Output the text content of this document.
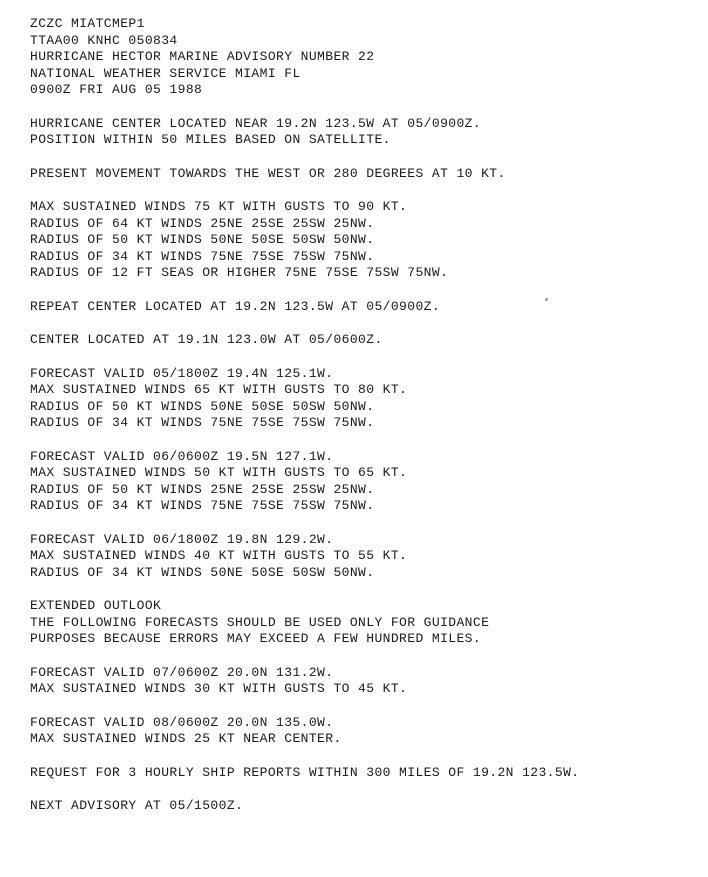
ZCZC MIATCMEP1
TTAA00 KNHC 050834
HURRICANE HECTOR MARINE ADVISORY NUMBER 22
NATIONAL WEATHER SERVICE MIAMI FL
0900Z FRI AUG 05 1988
HURRICANE CENTER LOCATED NEAR 19.2N 123.5W AT 05/0900Z.
POSITION WITHIN 50 MILES BASED ON SATELLITE.
PRESENT MOVEMENT TOWARDS THE WEST OR 280 DEGREES AT 10 KT.
MAX SUSTAINED WINDS 75 KT WITH GUSTS TO 90 KT.
RADIUS OF 64 KT WINDS 25NE 25SE 25SW 25NW.
RADIUS OF 50 KT WINDS 50NE 50SE 50SW 50NW.
RADIUS OF 34 KT WINDS 75NE 75SE 75SW 75NW.
RADIUS OF 12 FT SEAS OR HIGHER 75NE 75SE 75SW 75NW.
REPEAT CENTER LOCATED AT 19.2N 123.5W AT 05/0900Z.
CENTER LOCATED AT 19.1N 123.0W AT 05/0600Z.
FORECAST VALID 05/1800Z 19.4N 125.1W.
MAX SUSTAINED WINDS 65 KT WITH GUSTS TO 80 KT.
RADIUS OF 50 KT WINDS 50NE 50SE 50SW 50NW.
RADIUS OF 34 KT WINDS 75NE 75SE 75SW 75NW.
FORECAST VALID 06/0600Z 19.5N 127.1W.
MAX SUSTAINED WINDS 50 KT WITH GUSTS TO 65 KT.
RADIUS OF 50 KT WINDS 25NE 25SE 25SW 25NW.
RADIUS OF 34 KT WINDS 75NE 75SE 75SW 75NW.
FORECAST VALID 06/1800Z 19.8N 129.2W.
MAX SUSTAINED WINDS 40 KT WITH GUSTS TO 55 KT.
RADIUS OF 34 KT WINDS 50NE 50SE 50SW 50NW.
EXTENDED OUTLOOK
THE FOLLOWING FORECASTS SHOULD BE USED ONLY FOR GUIDANCE
PURPOSES BECAUSE ERRORS MAY EXCEED A FEW HUNDRED MILES.
FORECAST VALID 07/0600Z 20.0N 131.2W.
MAX SUSTAINED WINDS 30 KT WITH GUSTS TO 45 KT.
FORECAST VALID 08/0600Z 20.0N 135.0W.
MAX SUSTAINED WINDS 25 KT NEAR CENTER.
REQUEST FOR 3 HOURLY SHIP REPORTS WITHIN 300 MILES OF 19.2N 123.5W.
NEXT ADVISORY AT 05/1500Z.
